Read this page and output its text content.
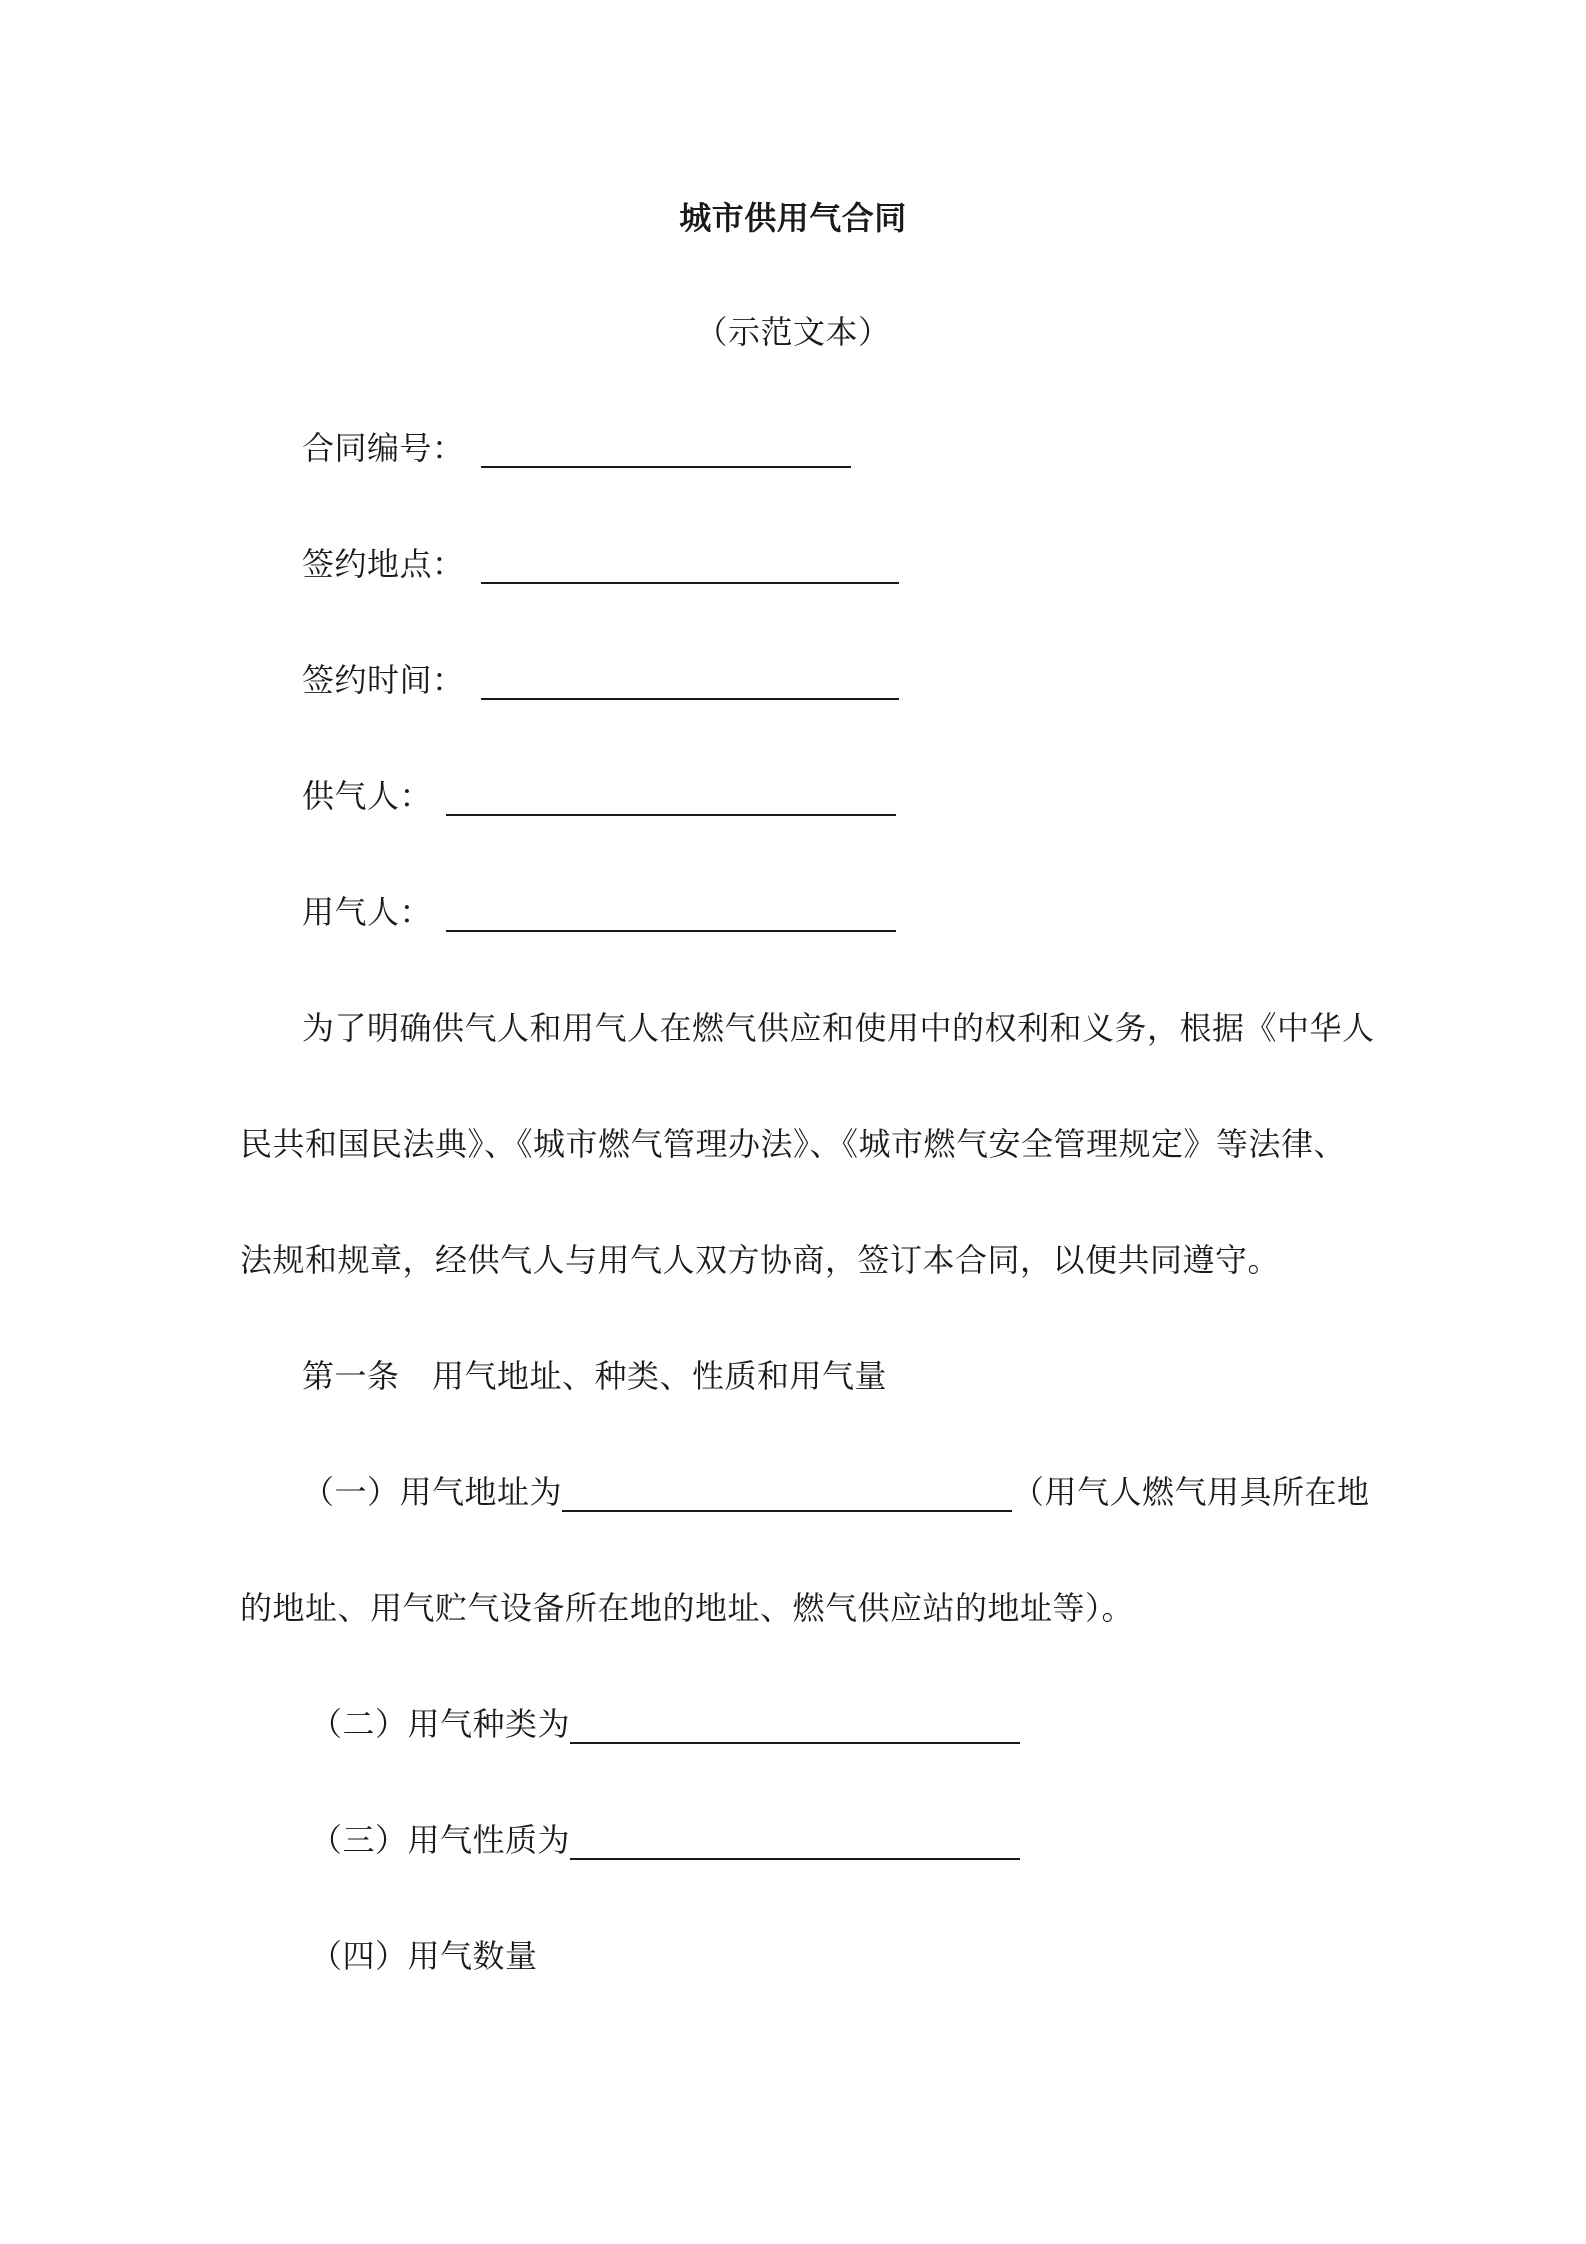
城市供用气合同
（示范文本）
合同编号：
签约地点：
签约时间：
供气人：
用气人：
为了明确供气人和用气人在燃气供应和使用中的权利和义务，根据《中华人
民共和国民法典》、《城市燃气管理办法》、《城市燃气安全管理规定》等法律、
法规和规章，经供气人与用气人双方协商，签订本合同，以便共同遵守。
第一条　用气地址、种类、性质和用气量
（一）用气地址为	（用气人燃气用具所在地
的地址、用气贮气设备所在地的地址、燃气供应站的地址等）。
（二）用气种类为
（三）用气性质为
（四）用气数量
